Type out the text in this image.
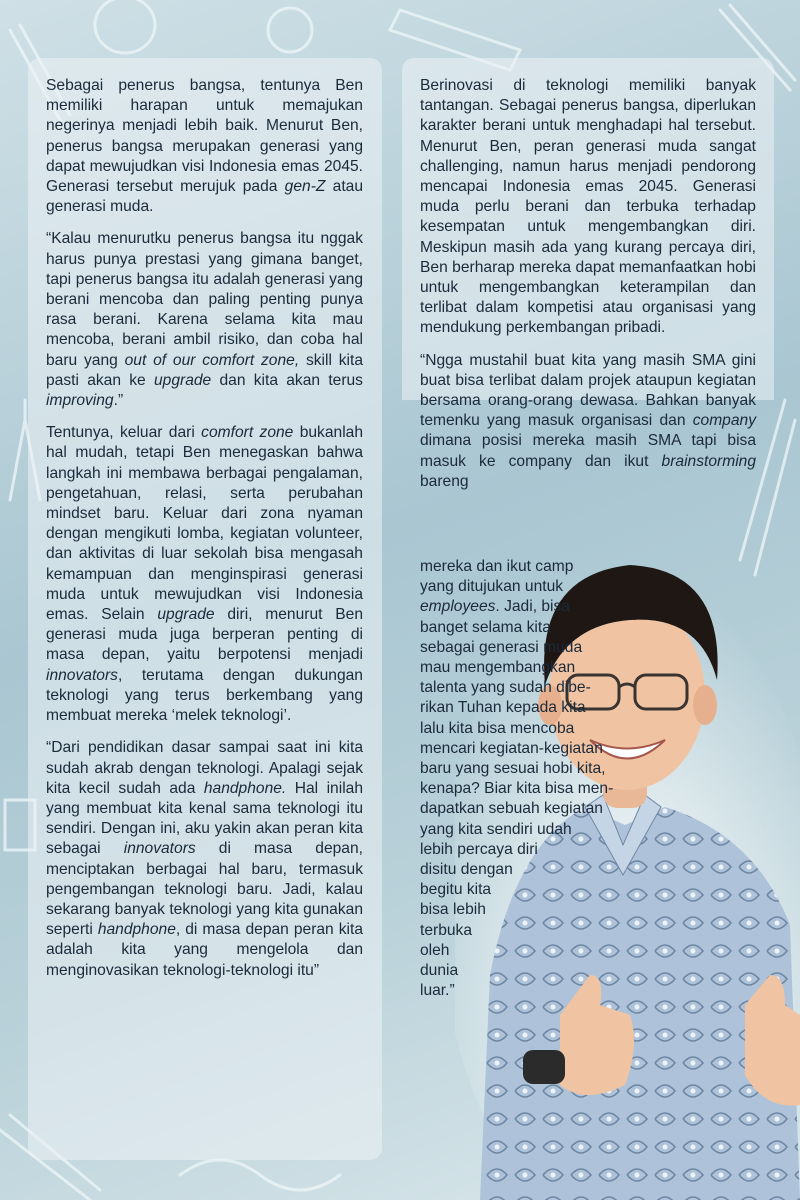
Sebagai penerus bangsa, tentunya Ben memiliki harapan untuk memajukan negerinya menjadi lebih baik. Menurut Ben, penerus bangsa merupakan generasi yang dapat mewujudkan visi Indonesia emas 2045. Generasi tersebut merujuk pada gen-Z atau generasi muda.

“Kalau menurutku penerus bangsa itu nggak harus punya prestasi yang gimana banget, tapi penerus bangsa itu adalah generasi yang berani mencoba dan paling penting punya rasa berani. Karena selama kita mau mencoba, berani ambil risiko, dan coba hal baru yang out of our comfort zone, skill kita pasti akan ke upgrade dan kita akan terus improving.”

Tentunya, keluar dari comfort zone bukanlah hal mudah, tetapi Ben menegaskan bahwa langkah ini membawa berbagai pengalaman, pengetahuan, relasi, serta perubahan mindset baru. Keluar dari zona nyaman dengan mengikuti lomba, kegiatan volunteer, dan aktivitas di luar sekolah bisa mengasah kemampuan dan menginspirasi generasi muda untuk mewujudkan visi Indonesia emas. Selain upgrade diri, menurut Ben generasi muda juga berperan penting di masa depan, yaitu berpotensi menjadi innovators, terutama dengan dukungan teknologi yang terus berkembang yang membuat mereka ‘melek teknologi’.

“Dari pendidikan dasar sampai saat ini kita sudah akrab dengan teknologi. Apalagi sejak kita kecil sudah ada handphone. Hal inilah yang membuat kita kenal sama teknologi itu sendiri. Dengan ini, aku yakin akan peran kita sebagai innovators di masa depan, menciptakan berbagai hal baru, termasuk pengembangan teknologi baru. Jadi, kalau sekarang banyak teknologi yang kita gunakan seperti handphone, di masa depan peran kita adalah kita yang mengelola dan menginovasikan teknologi-teknologi itu”

Berinovasi di teknologi memiliki banyak tantangan. Sebagai penerus bangsa, diperlukan karakter berani untuk menghadapi hal tersebut. Menurut Ben, peran generasi muda sangat challenging, namun harus menjadi pendorong mencapai Indonesia emas 2045. Generasi muda perlu berani dan terbuka terhadap kesempatan untuk mengembangkan diri. Meskipun masih ada yang kurang percaya diri, Ben berharap mereka dapat memanfaatkan hobi untuk mengembangkan keterampilan dan terlibat dalam kompetisi atau organisasi yang mendukung perkembangan pribadi.

“Ngga mustahil buat kita yang masih SMA gini buat bisa terlibat dalam projek ataupun kegiatan bersama orang-orang dewasa. Bahkan banyak temenku yang masuk organisasi dan company dimana posisi mereka masih SMA tapi bisa masuk ke company dan ikut brainstorming bareng

mereka dan ikut camp
yang ditujukan untuk
employees. Jadi, bisa
banget selama kita
sebagai generasi muda
mau mengembangkan
talenta yang sudah dibe-
rikan Tuhan kepada kita
lalu kita bisa mencoba
mencari kegiatan-kegiatan
baru yang sesuai hobi kita,
kenapa? Biar kita bisa men-
dapatkan sebuah kegiatan
yang kita sendiri udah
lebih percaya diri
disitu dengan
begitu kita
bisa lebih
terbuka
oleh
dunia
luar.”
